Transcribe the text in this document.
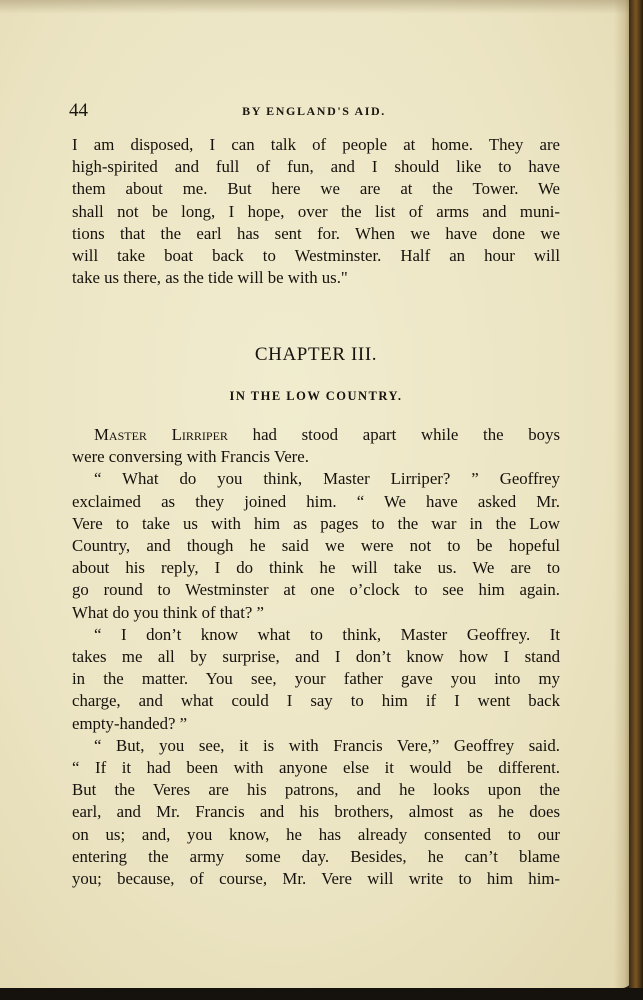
44	BY ENGLAND'S AID.
I am disposed, I can talk of people at home. They are
high-spirited and full of fun, and I should like to have
them about me. But here we are at the Tower. We
shall not be long, I hope, over the list of arms and muni-
tions that the earl has sent for. When we have done we
will take boat back to Westminster. Half an hour will
take us there, as the tide will be with us."
CHAPTER III.
IN THE LOW COUNTRY.
Master Lirriper had stood apart while the boys
were conversing with Francis Vere.
“ What do you think, Master Lirriper? ” Geoffrey
exclaimed as they joined him. “ We have asked Mr.
Vere to take us with him as pages to the war in the Low
Country, and though he said we were not to be hopeful
about his reply, I do think he will take us. We are to
go round to Westminster at one o’clock to see him again.
What do you think of that? ”
“ I don’t know what to think, Master Geoffrey. It
takes me all by surprise, and I don’t know how I stand
in the matter. You see, your father gave you into my
charge, and what could I say to him if I went back
empty-handed? ”
“ But, you see, it is with Francis Vere,” Geoffrey said.
“ If it had been with anyone else it would be different.
But the Veres are his patrons, and he looks upon the
earl, and Mr. Francis and his brothers, almost as he does
on us; and, you know, he has already consented to our
entering the army some day. Besides, he can’t blame
you; because, of course, Mr. Vere will write to him him-
